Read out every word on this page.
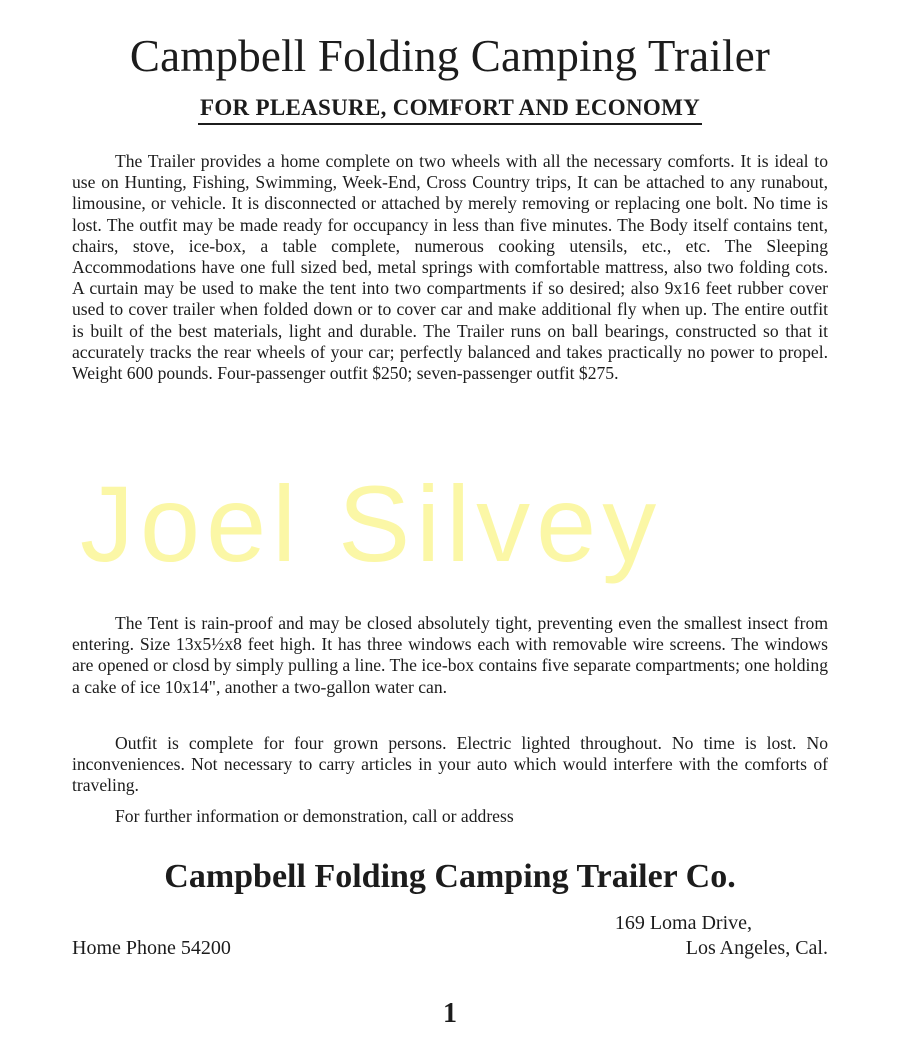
Campbell Folding Camping Trailer
FOR PLEASURE, COMFORT AND ECONOMY

The Trailer provides a home complete on two wheels with all the necessary comforts. It is ideal to use on Hunting, Fishing, Swimming, Week-End, Cross Country trips, It can be attached to any runabout, limousine, or vehicle. It is disconnected or attached by merely removing or replacing one bolt. No time is lost. The outfit may be made ready for occupancy in less than five minutes. The Body itself contains tent, chairs, stove, ice-box, a table complete, numerous cooking utensils, etc., etc. The Sleeping Accommodations have one full sized bed, metal springs with comfortable mattress, also two folding cots. A curtain may be used to make the tent into two compartments if so desired; also 9x16 feet rubber cover used to cover trailer when folded down or to cover car and make additional fly when up. The entire outfit is built of the best materials, light and durable. The Trailer runs on ball bearings, constructed so that it accurately tracks the rear wheels of your car; perfectly balanced and takes practically no power to propel. Weight 600 pounds. Four-passenger outfit $250; seven-passenger outfit $275.

Joel Silvey

The Tent is rain-proof and may be closed absolutely tight, preventing even the smallest insect from entering. Size 13x5½x8 feet high. It has three windows each with removable wire screens. The windows are opened or closd by simply pulling a line. The ice-box contains five separate compartments; one holding a cake of ice 10x14", another a two-gallon water can.

Outfit is complete for four grown persons. Electric lighted throughout. No time is lost. No inconveniences. Not necessary to carry articles in your auto which would interfere with the comforts of traveling.

For further information or demonstration, call or address

Campbell Folding Camping Trailer Co.
169 Loma Drive,
Home Phone 54200	Los Angeles, Cal.
1
